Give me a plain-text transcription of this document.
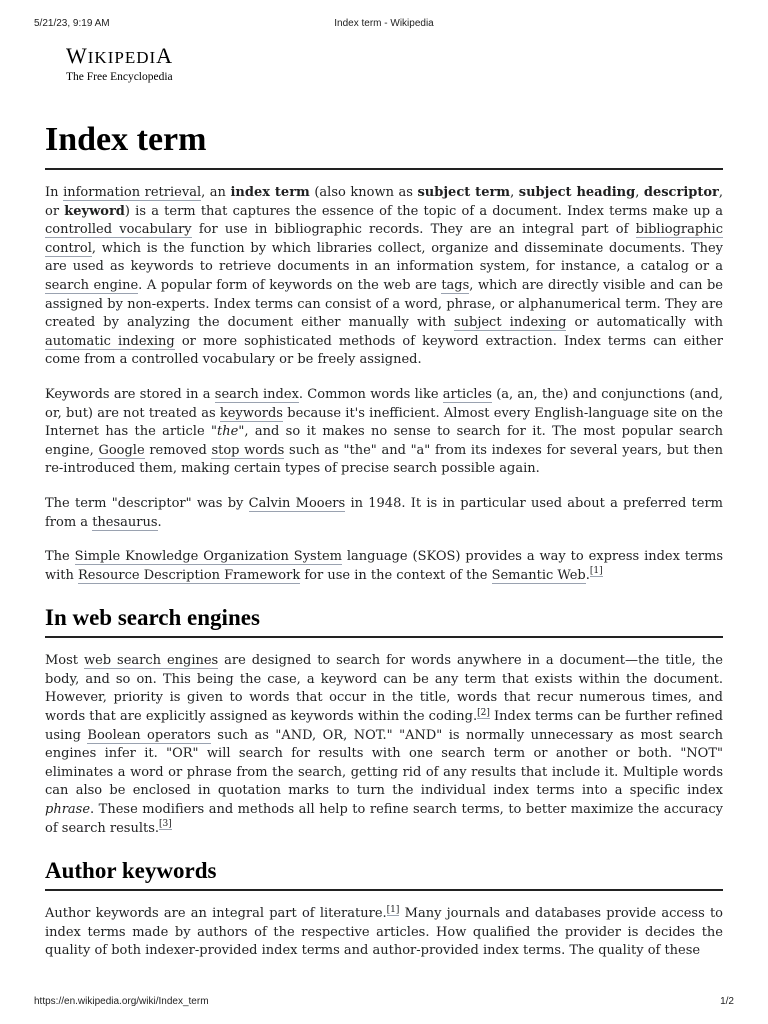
5/21/23, 9:19 AM	Index term - Wikipedia
WIKIPEDIA
The Free Encyclopedia
Index term

In information retrieval, an index term (also known as subject term, subject heading, descriptor, or keyword) is a term that captures the essence of the topic of a document. Index terms make up a controlled vocabulary for use in bibliographic records. They are an integral part of bibliographic control, which is the function by which libraries collect, organize and disseminate documents. They are used as keywords to retrieve documents in an information system, for instance, a catalog or a search engine. A popular form of keywords on the web are tags, which are directly visible and can be assigned by non-experts. Index terms can consist of a word, phrase, or alphanumerical term. They are created by analyzing the document either manually with subject indexing or automatically with automatic indexing or more sophisticated methods of keyword extraction. Index terms can either come from a controlled vocabulary or be freely assigned.

Keywords are stored in a search index. Common words like articles (a, an, the) and conjunctions (and, or, but) are not treated as keywords because it's inefficient. Almost every English-language site on the Internet has the article "the", and so it makes no sense to search for it. The most popular search engine, Google removed stop words such as "the" and "a" from its indexes for several years, but then re-introduced them, making certain types of precise search possible again.

The term "descriptor" was by Calvin Mooers in 1948. It is in particular used about a preferred term from a thesaurus.

The Simple Knowledge Organization System language (SKOS) provides a way to express index terms with Resource Description Framework for use in the context of the Semantic Web.[1]

In web search engines

Most web search engines are designed to search for words anywhere in a document—the title, the body, and so on. This being the case, a keyword can be any term that exists within the document. However, priority is given to words that occur in the title, words that recur numerous times, and words that are explicitly assigned as keywords within the coding.[2] Index terms can be further refined using Boolean operators such as "AND, OR, NOT." "AND" is normally unnecessary as most search engines infer it. "OR" will search for results with one search term or another or both. "NOT" eliminates a word or phrase from the search, getting rid of any results that include it. Multiple words can also be enclosed in quotation marks to turn the individual index terms into a specific index phrase. These modifiers and methods all help to refine search terms, to better maximize the accuracy of search results.[3]

Author keywords

Author keywords are an integral part of literature.[1] Many journals and databases provide access to index terms made by authors of the respective articles. How qualified the provider is decides the quality of both indexer-provided index terms and author-provided index terms. The quality of these

https://en.wikipedia.org/wiki/Index_term	1/2
